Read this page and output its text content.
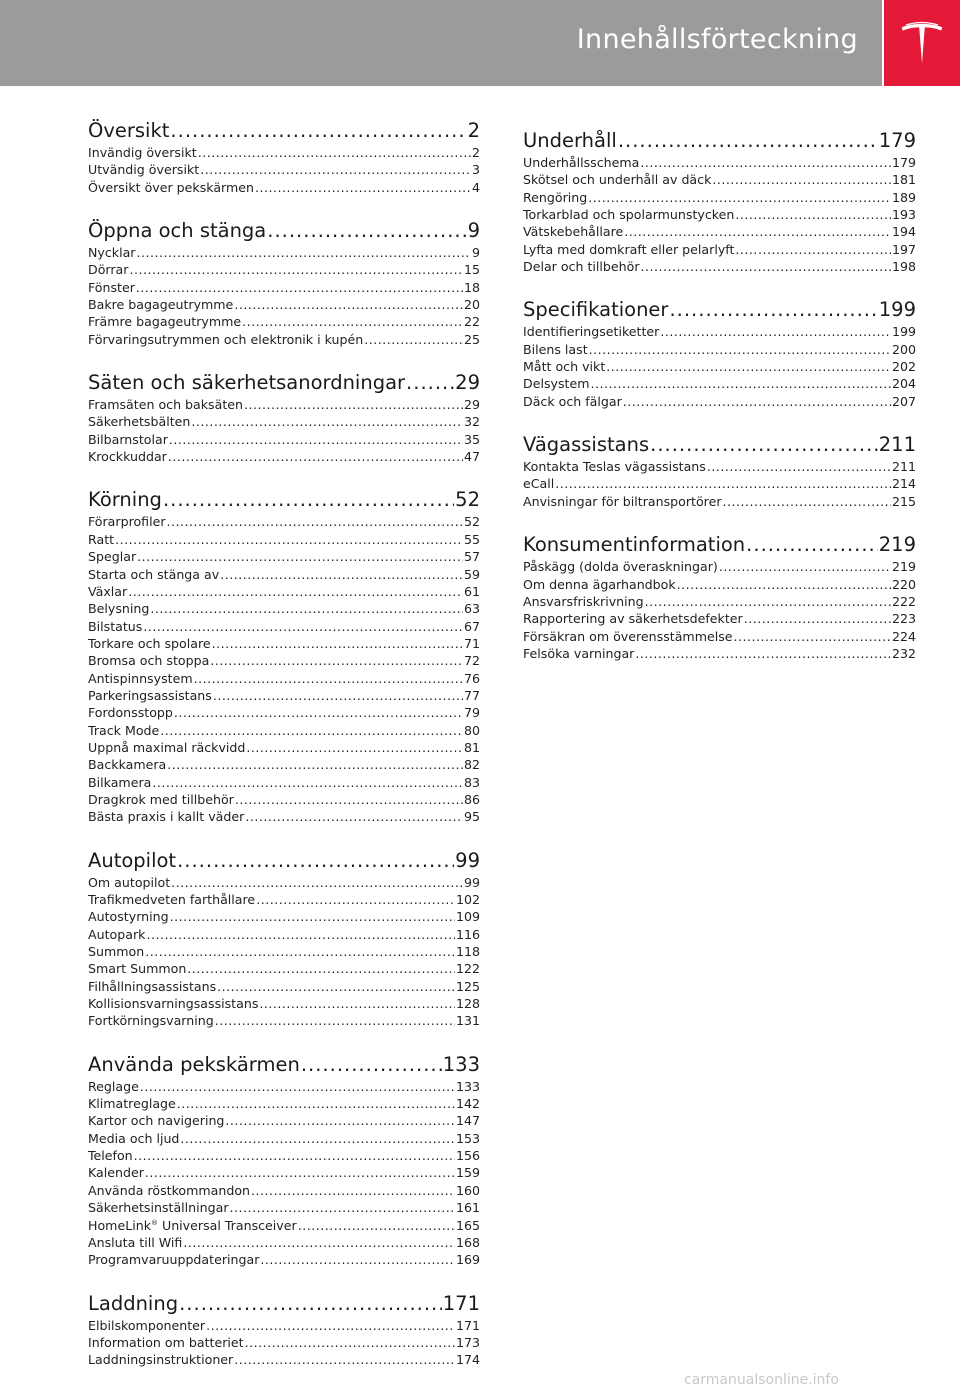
Innehållsförteckning
Översikt .....	2
Invändig översikt .....	2
Utvändig översikt .....	3
Översikt över pekskärmen .....	4
Öppna och stänga .....	9
Nycklar .....	9
Dörrar .....	15
Fönster .....	18
Bakre bagageutrymme .....	20
Främre bagageutrymme .....	22
Förvaringsutrymmen och elektronik i kupén .....	25
Säten och säkerhetsanordningar .....	29
Framsäten och baksäten .....	29
Säkerhetsbälten .....	32
Bilbarnstolar .....	35
Krockkuddar .....	47
Körning .....	52
Förarprofiler .....	52
Ratt .....	55
Speglar .....	57
Starta och stänga av .....	59
Växlar .....	61
Belysning .....	63
Bilstatus .....	67
Torkare och spolare .....	71
Bromsa och stoppa .....	72
Antispinnsystem .....	76
Parkeringsassistans .....	77
Fordonsstopp .....	79
Track Mode .....	80
Uppnå maximal räckvidd .....	81
Backkamera .....	82
Bilkamera .....	83
Dragkrok med tillbehör .....	86
Bästa praxis i kallt väder .....	95
Autopilot .....	99
Om autopilot .....	99
Trafikmedveten farthållare .....	102
Autostyrning .....	109
Autopark .....	116
Summon .....	118
Smart Summon .....	122
Filhållningsassistans .....	125
Kollisionsvarningsassistans .....	128
Fortkörningsvarning .....	131
Använda pekskärmen .....	133
Reglage .....	133
Klimatreglage .....	142
Kartor och navigering .....	147
Media och ljud .....	153
Telefon .....	156
Kalender .....	159
Använda röstkommandon .....	160
Säkerhetsinställningar .....	161
HomeLink® Universal Transceiver .....	165
Ansluta till Wifi .....	168
Programvaruuppdateringar .....	169
Laddning .....	171
Elbilskomponenter .....	171
Information om batteriet .....	173
Laddningsinstruktioner .....	174
Underhåll .....	179
Underhållsschema .....	179
Skötsel och underhåll av däck .....	181
Rengöring .....	189
Torkarblad och spolarmunstycken .....	193
Vätskebehållare .....	194
Lyfta med domkraft eller pelarlyft .....	197
Delar och tillbehör .....	198
Specifikationer .....	199
Identifieringsetiketter .....	199
Bilens last .....	200
Mått och vikt .....	202
Delsystem .....	204
Däck och fälgar .....	207
Vägassistans .....	211
Kontakta Teslas vägassistans .....	211
eCall .....	214
Anvisningar för biltransportörer .....	215
Konsumentinformation .....	219
Påskägg (dolda överaskningar) .....	219
Om denna ägarhandbok .....	220
Ansvarsfriskrivning .....	222
Rapportering av säkerhetsdefekter .....	223
Försäkran om överensstämmelse .....	224
Felsöka varningar .....	232
carmanualsonline.info
